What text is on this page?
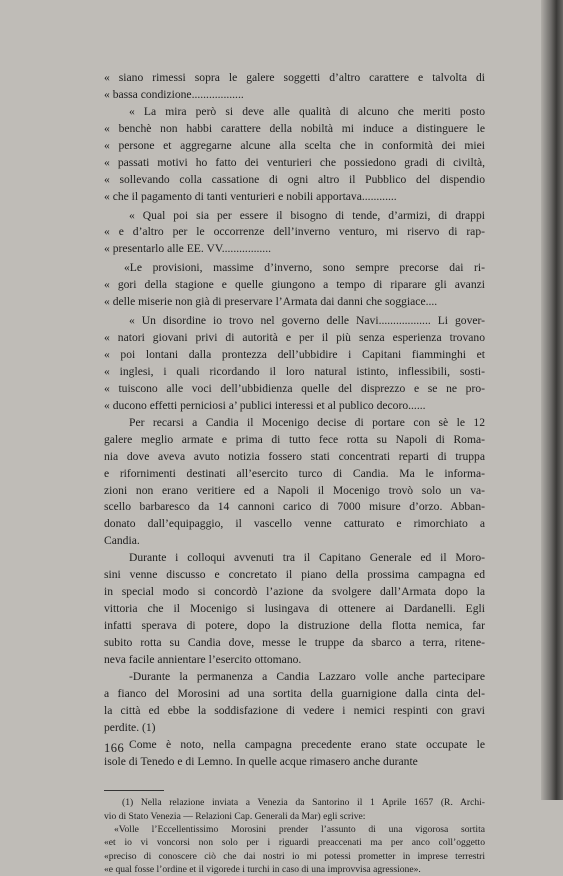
« siano rimessi sopra le galere soggetti d’altro carattere e talvolta di
« bassa condizione..................
« La mira però si deve alle qualità di alcuno che meriti posto
« benchè non habbi carattere della nobiltà mi induce a distinguere le
« persone et aggregarne alcune alla scelta che in conformità dei miei
« passati motivi ho fatto dei venturieri che possiedono gradi di civiltà,
« sollevando colla cassatione di ogni altro il Pubblico del dispendio
« che il pagamento di tanti venturieri e nobili apportava............
« Qual poi sia per essere il bisogno di tende, d’armizi, di drappi
« e d’altro per le occorrenze dell’inverno venturo, mi riservo di rap-
« presentarlo alle EE. VV.................
«Le provisioni, massime d’inverno, sono sempre precorse dai ri-
« gori della stagione e quelle giungono a tempo di riparare gli avanzi
« delle miserie non già di preservare l’Armata dai danni che soggiace....
« Un disordine io trovo nel governo delle Navi.................. Li gover-
« natori giovani privi di autorità e per il più senza esperienza trovano
« poi lontani dalla prontezza dell’ubbidire i Capitani fiamminghi et
« inglesi, i quali ricordando il loro natural istinto, inflessibili, sosti-
« tuiscono alle voci dell’ubbidienza quelle del disprezzo e se ne pro-
« ducono effetti perniciosi a’ publici interessi et al publico decoro......
Per recarsi a Candia il Mocenigo decise di portare con sè le 12
galere meglio armate e prima di tutto fece rotta su Napoli di Roma-
nia dove aveva avuto notizia fossero stati concentrati reparti di truppa
e rifornimenti destinati all’esercito turco di Candia. Ma le informa-
zioni non erano veritiere ed a Napoli il Mocenigo trovò solo un va-
scello barbaresco da 14 cannoni carico di 7000 misure d’orzo. Abban-
donato dall’equipaggio, il vascello venne catturato e rimorchiato a
Candia.
Durante i colloqui avvenuti tra il Capitano Generale ed il Moro-
sini venne discusso e concretato il piano della prossima campagna ed
in special modo si concordò l’azione da svolgere dall’Armata dopo la
vittoria che il Mocenigo si lusingava di ottenere ai Dardanelli. Egli
infatti sperava di potere, dopo la distruzione della flotta nemica, far
subito rotta su Candia dove, messe le truppe da sbarco a terra, ritene-
neva facile annientare l’esercito ottomano.
-Durante la permanenza a Candia Lazzaro volle anche partecipare
a fianco del Morosini ad una sortita della guarnigione dalla cinta del-
la città ed ebbe la soddisfazione di vedere i nemici respinti con gravi
perdite. (1)
Come è noto, nella campagna precedente erano state occupate le
isole di Tenedo e di Lemno. In quelle acque rimasero anche durante
(1) Nella relazione inviata a Venezia da Santorino il 1 Aprile 1657 (R. Archi-
vio di Stato Venezia — Relazioni Cap. Generali da Mar) egli scrive:
«Volle l’Eccellentissimo Morosini prender l’assunto di una vigorosa sortita
«et io vi voncorsi non solo per i riguardi preaccenati ma per anco coll’oggetto
«preciso di conoscere ciò che dai nostri io mi potessi prometter in imprese terrestri
«e qual fosse l’ordine et il vigorede i turchi in caso di una improvvisa agressione».
166
